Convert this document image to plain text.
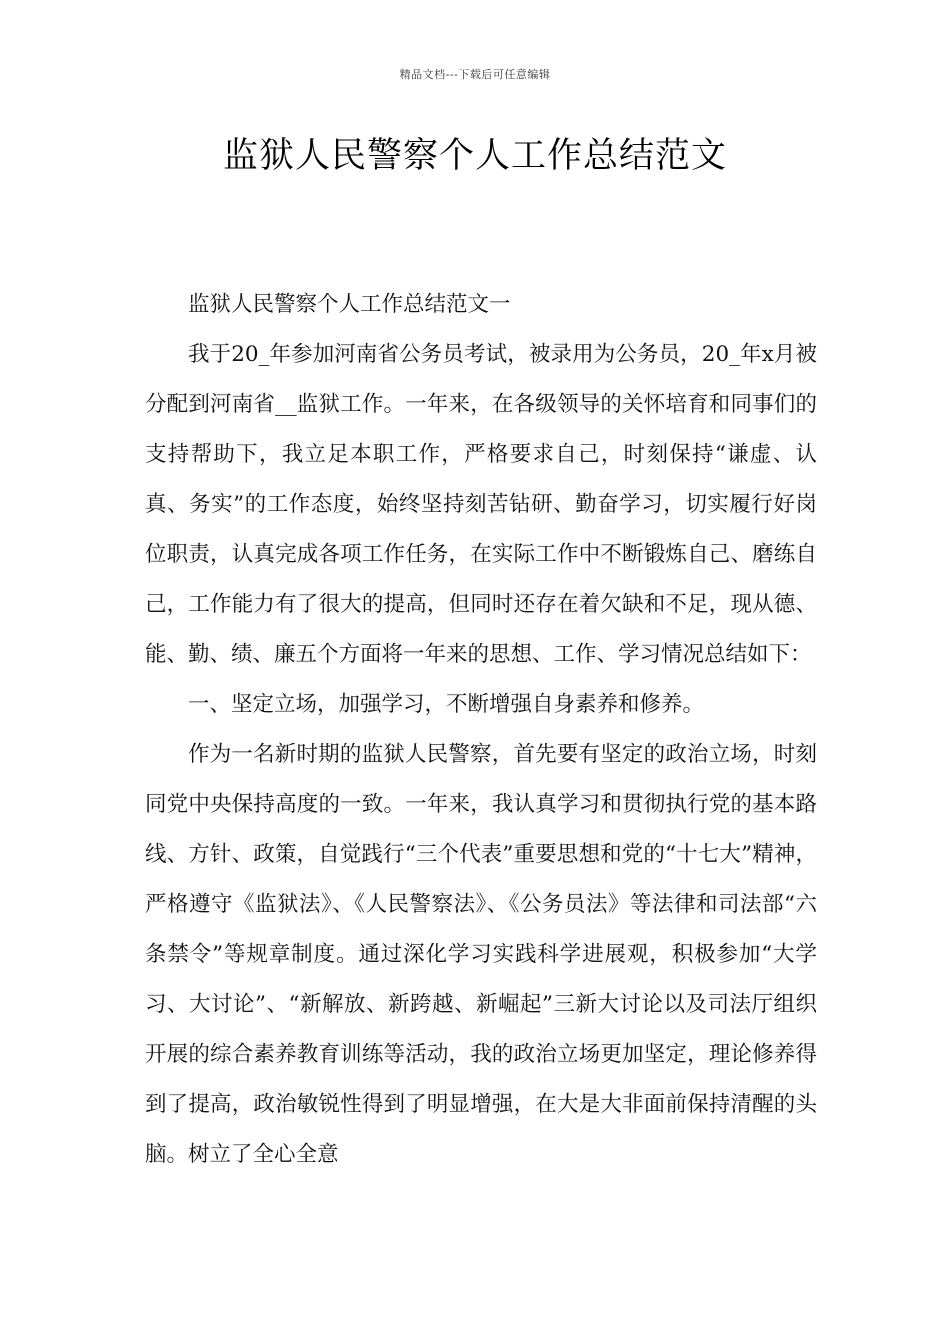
精品文档---下载后可任意编辑
监狱人民警察个人工作总结范文

监狱人民警察个人工作总结范文一

我于20_年参加河南省公务员考试，被录用为公务员，20_年x月被分配到河南省__监狱工作。一年来，在各级领导的关怀培育和同事们的支持帮助下，我立足本职工作，严格要求自己，时刻保持“谦虚、认真、务实”的工作态度，始终坚持刻苦钻研、勤奋学习，切实履行好岗位职责，认真完成各项工作任务，在实际工作中不断锻炼自己、磨练自己，工作能力有了很大的提高，但同时还存在着欠缺和不足，现从德、能、勤、绩、廉五个方面将一年来的思想、工作、学习情况总结如下：

一、坚定立场，加强学习，不断增强自身素养和修养。

作为一名新时期的监狱人民警察，首先要有坚定的政治立场，时刻同党中央保持高度的一致。一年来，我认真学习和贯彻执行党的基本路线、方针、政策，自觉践行“三个代表”重要思想和党的“十七大”精神，严格遵守《监狱法》、《人民警察法》、《公务员法》等法律和司法部“六条禁令”等规章制度。通过深化学习实践科学进展观，积极参加“大学习、大讨论”、“新解放、新跨越、新崛起”三新大讨论以及司法厅组织开展的综合素养教育训练等活动，我的政治立场更加坚定，理论修养得到了提高，政治敏锐性得到了明显增强，在大是大非面前保持清醒的头脑。树立了全心全意
